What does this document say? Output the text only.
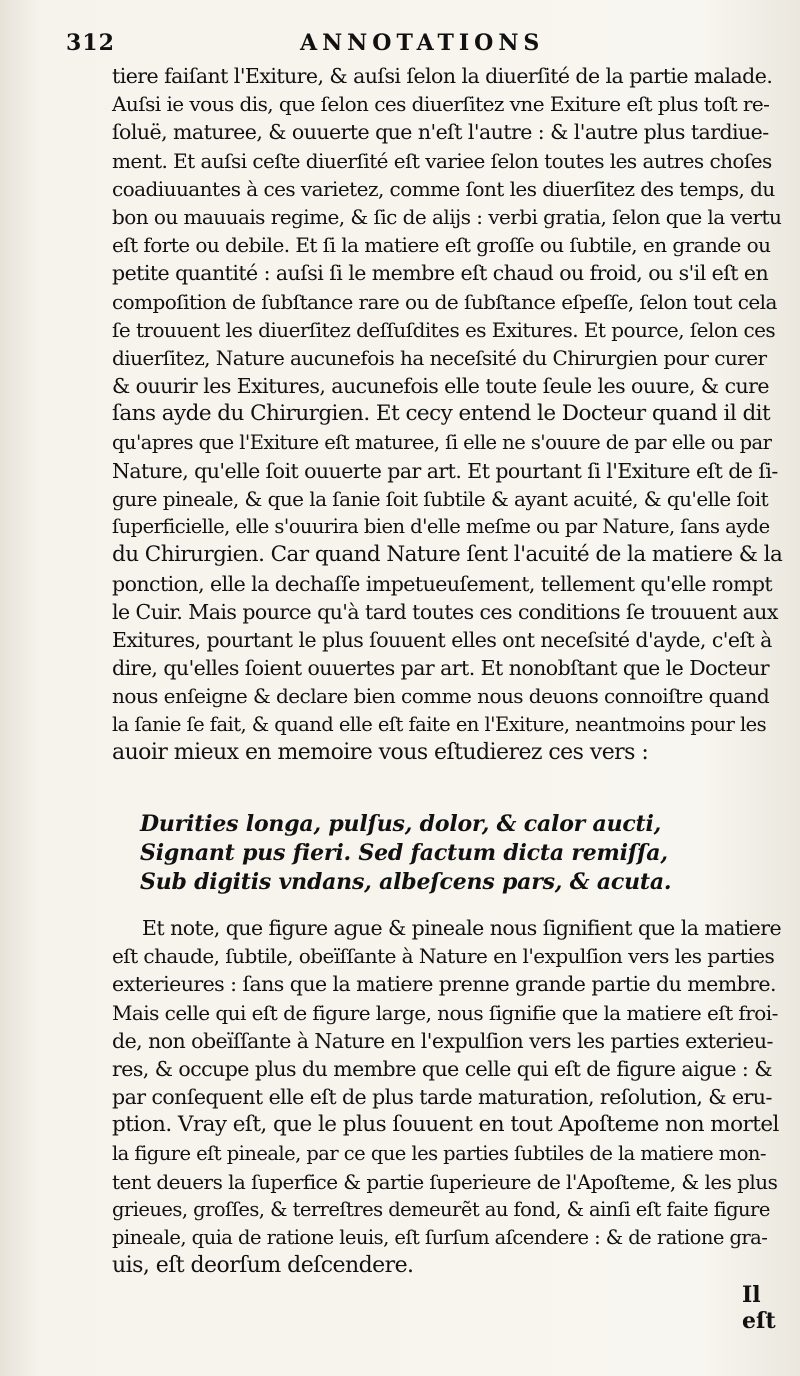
312	ANNOTATIONS
tiere faiſant l'Exiture, & auſsi ſelon la diuerſité de la partie malade.
Auſsi ie vous dis, que ſelon ces diuerſitez vne Exiture eſt plus toſt re-
ſoluë, maturee, & ouuerte que n'eſt l'autre : & l'autre plus tardiue-
ment. Et auſsi ceſte diuerſité eſt variee ſelon toutes les autres choſes
coadiuuantes à ces varietez, comme ſont les diuerſitez des temps, du
bon ou mauuais regime, & ſic de alijs : verbi gratia, ſelon que la vertu
eſt forte ou debile. Et ſi la matiere eſt groſſe ou ſubtile, en grande ou
petite quantité : auſsi ſi le membre eſt chaud ou froid, ou s'il eſt en
compoſition de ſubſtance rare ou de ſubſtance eſpeſſe, ſelon tout cela
ſe trouuent les diuerſitez deſſuſdites es Exitures. Et pource, ſelon ces
diuerſitez, Nature aucunefois ha neceſsité du Chirurgien pour curer
& ouurir les Exitures, aucunefois elle toute ſeule les ouure, & cure
ſans ayde du Chirurgien. Et cecy entend le Docteur quand il dit
qu'apres que l'Exiture eſt maturee, ſi elle ne s'ouure de par elle ou par
Nature, qu'elle ſoit ouuerte par art. Et pourtant ſi l'Exiture eſt de ſi-
gure pineale, & que la ſanie ſoit ſubtile & ayant acuité, & qu'elle ſoit
ſuperficielle, elle s'ouurira bien d'elle meſme ou par Nature, ſans ayde
du Chirurgien. Car quand Nature ſent l'acuité de la matiere & la
ponction, elle la dechaſſe impetueuſement, tellement qu'elle rompt
le Cuir. Mais pource qu'à tard toutes ces conditions ſe trouuent aux
Exitures, pourtant le plus ſouuent elles ont neceſsité d'ayde, c'eſt à
dire, qu'elles ſoient ouuertes par art. Et nonobſtant que le Docteur
nous enſeigne & declare bien comme nous deuons connoiſtre quand
la ſanie ſe fait, & quand elle eſt faite en l'Exiture, neantmoins pour les
auoir mieux en memoire vous eſtudierez ces vers :
Durities longa, pulſus, dolor, & calor aucti,
Signant pus fieri. Sed factum dicta remiſſa,
Sub digitis vndans, albeſcens pars, & acuta.
Et note, que figure ague & pineale nous ſignifient que la matiere
eſt chaude, ſubtile, obeïſſante à Nature en l'expulſion vers les parties
exterieures : ſans que la matiere prenne grande partie du membre.
Mais celle qui eſt de figure large, nous ſignifie que la matiere eſt froi-
de, non obeïſſante à Nature en l'expulſion vers les parties exterieu-
res, & occupe plus du membre que celle qui eſt de figure aigue : &
par conſequent elle eſt de plus tarde maturation, reſolution, & eru-
ption. Vray eſt, que le plus ſouuent en tout Apoſteme non mortel
la figure eſt pineale, par ce que les parties ſubtiles de la matiere mon-
tent deuers la ſuperfice & partie ſuperieure de l'Apoſteme, & les plus
grieues, groſſes, & terreſtres demeurẽt au fond, & ainſi eſt faite figure
pineale, quia de ratione leuis, eſt ſurſum aſcendere : & de ratione gra-
uis, eſt deorſum deſcendere.
Il eſt
